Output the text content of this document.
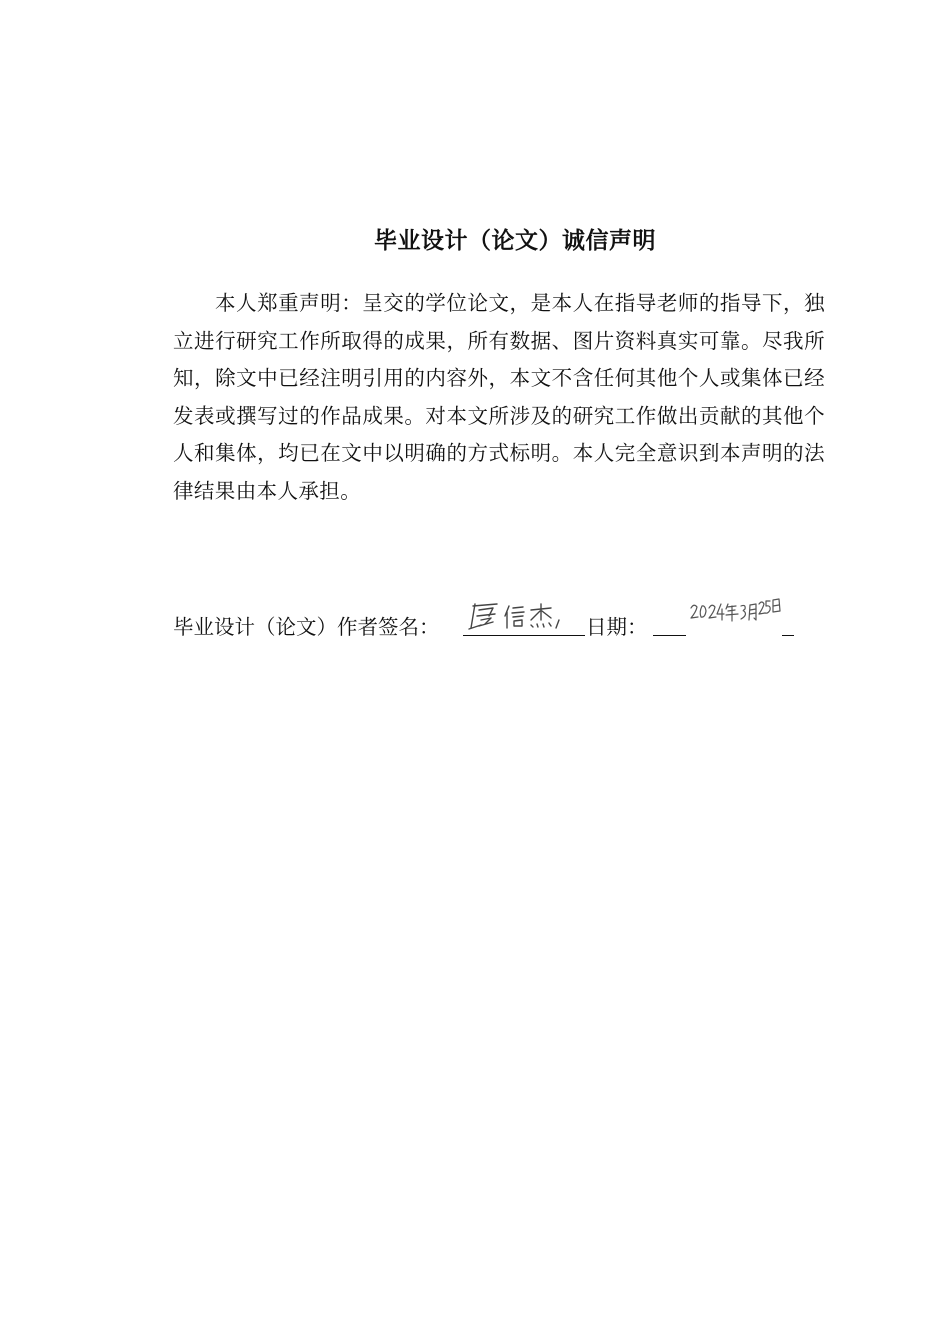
毕业设计（论文）诚信声明

本人郑重声明：呈交的学位论文，是本人在指导老师的指导下，独立进行研究工作所取得的成果，所有数据、图片资料真实可靠。尽我所知，除文中已经注明引用的内容外，本文不含任何其他个人或集体已经发表或撰写过的作品成果。对本文所涉及的研究工作做出贡献的其他个人和集体，均已在文中以明确的方式标明。本人完全意识到本声明的法律结果由本人承担。

毕业设计（论文）作者签名：	日期：
